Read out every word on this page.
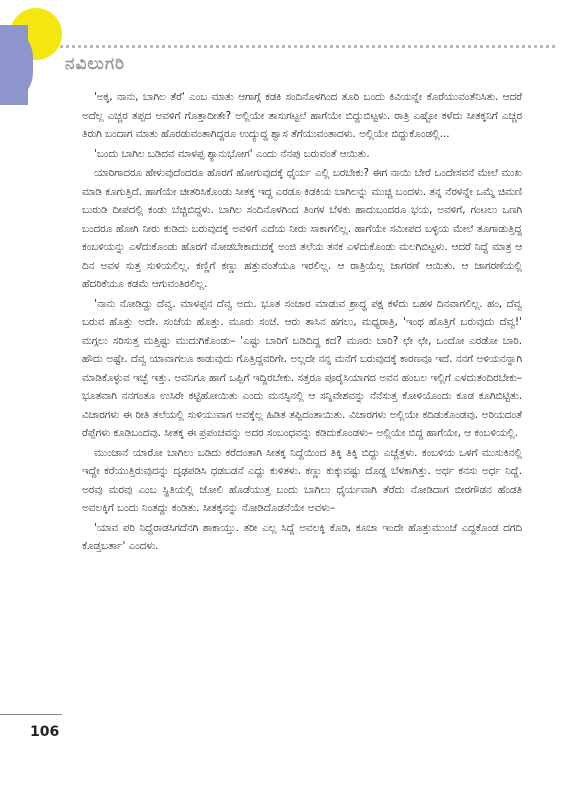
ನವಿಲುಗರಿ

'ಅಕ್ಕ, ನಾನು, ಬಾಗಿಲ ತೆರೆ' ಎಂಬ ಮಾತು ಆಗಾಗ್ಗೆ ಕಡಕಿ ಸಂದಿನೊಳಗಿಂದ ತೂರಿ ಬಂದು ಕಿವಿಯನ್ನೇ ಕೊರೆಯುವಂತೆನಿಸಿತು. ಆದರೆ ಅದೆಲ್ಲ ಎಚ್ಚರ ತಪ್ಪದ ಅವಳಿಗೆ ಗೊತ್ತಾದೀತೇ? ಅಲ್ಲಿಯೇ ತಾಸುಗಟ್ಟಲೆ ಹಾಗೆಯೇ ಬಿದ್ದುಬಿಟ್ಟಳು. ರಾತ್ರಿ ಎಷ್ಟೋ ಕಳೆದು ಸೀತಕ್ಕನಿಗೆ ಎಚ್ಚರ ತಿರುಗಿ ಬಂದಾಗ ಮಾತು ಹೊರಡುವಂತಾಗಿದ್ದರೂ ಉದ್ಯುದ್ದ ಶ್ವಾಸ ತೆಗೆಯುವಂತಾದಳು. ಅಲ್ಲಿಯೇ ಬಿದ್ದುಕೊಂಡಲ್ಲಿ...

'ಬಂದು ಬಾಗಿಲ ಬಡಿದವ ಮಾಳಪ್ಪ ಶ್ಯಾನುಭೋಗ' ಎಂದು ನೆನಪು ಬರುವಂತೆ ಆಯಿತು.

ಯಾರಿಗಾದರೂ ಹೇಳುವುದೆಂದರೂ ಹೊರಗೆ ಹೋಗುವುದಕ್ಕೆ ಧೈರ್ಯ ಎಲ್ಲಿ ಬರಬೇಕು? ಈಗ ನಾಯಿ ಬೇರೆ ಒಂದೇಸವನೆ ಮೇಲೆ ಮುಖ ಮಾಡಿ ಕೂಗುತ್ತಿದೆ. ಹಾಗೆಯೇ ಚೀತರಿಸಿಕೊಂಡು ಸೀತಕ್ಕ ಇದ್ದ ಎರಡೂ ಕಿಡಕಿಯ ಬಾಗಿಲನ್ನು ಮುಚ್ಚಿ ಬಂದಳು. ತನ್ನ ನೆರಳನ್ನೇ ಒಮ್ಮೆ ಚಿಮಣಿ ಬುರುಡಿ ದೀಪದಲ್ಲಿ ಕಂಡು ಬೆಚ್ಚಿಬಿದ್ದಳು. ಬಾಗಿಲ ಸಂದಿನೊಳಗಿಂದ ತಿಂಗಳ ಬೆಳಕು ಹಾದುಬಂದರೂ ಭಯ, ಅವಳಿಗೆ, ಗಂಟಲು ಒಣಗಿ ಬಂದರೂ ಹೋಗಿ ನೀರು ಕುಡಿದು ಬರುವುದಕ್ಕೆ ಅವಳಿಗೆ ಎದೆಯ ನೀರು ಸಾಕಾಗಲಿಲ್ಲ. ಹಾಗೆಯೇ ಸಮೀಪದ ಬಳ್ಳಿಯ ಮೇಲೆ ತೂಗಾಡುತ್ತಿದ್ದ ಕಂಬಳಿಯನ್ನು ಎಳೆದುಕೊಂಡು ಹೊರಗೆ ನೋಡಬೇಕಾದುದಕ್ಕೆ ಅಂಜಿ ತಲೆಯ ತನಕ ಎಳೆದುಕೊಂಡು ಮಲಗಿಬಿಟ್ಟಳು. ಆದರೆ ನಿದ್ದೆ ಮಾತ್ರ ಆ ದಿನ ಅವಳ ಸುತ್ತ ಸುಳಿಯಲಿಲ್ಲ. ಕಣ್ಣಿಗೆ ಕಣ್ಣು ಹತ್ತುವಂತೆಯೂ ಇರಲಿಲ್ಲ. ಆ ರಾತ್ರಿಯೆಲ್ಲ ಜಾಗರಣೆ ಆಯಿತು. ಆ ಜಾಗರಣೆಯಲ್ಲಿ ಹೆದರಿಕೆಯೂ ಕಡಮೆ ಆಗುವಂತಿರಲಿಲ್ಲ.

'ನಾನು ನೋಡಿದ್ದು ದೆವ್ವ. ಮಾಳಪ್ಪನ ದೆವ್ವ ಅದು. ಭೂತ ಸಂಚಾರ ಮಾಡುವ ಶ್ರಾದ್ಧ ಪಕ್ಷ ಕಳೆದು ಬಹಳ ದಿನವಾಗಲಿಲ್ಲ. ಹಂ, ದೆವ್ವ ಬರುವ ಹೊತ್ತು ಅದೇ. ಸಂಜೆಯ ಹೊತ್ತು. ಮೂರು ಸಂಜೆ. ಆರು ತಾಸಿನ ಹಗಲು, ಮಧ್ಯರಾತ್ರಿ, 'ಇಂಥ ಹೊತ್ತಿಗೆ ಬರುವುದು ದೆವ್ವ!' ಮಗ್ಗಲು ಸರಿಸುತ್ತ ಮತ್ತಿಷ್ಟು ಮುದುಗಿಕೊಂಡು– 'ಎಷ್ಟು ಬಾರಿಗೆ ಬಡಿದಿದ್ದ ಕದ? ಮೂರು ಬಾರಿ? ಛೇ ಛೇ, ಒಂದೋ ಎರಡೋ ಬಾರಿ. ಹೌದು ಅಷ್ಟೇ. ದೆವ್ವ ಯಾವಾಗಲೂ ಕಾಡುವುದು ಗೊತ್ತಿದ್ದವರಿಗೇ. ಅಲ್ಲದೇ ನನ್ನ ಮನೆಗೆ ಬರುವುದಕ್ಕೆ ಕಾರಣವೂ ಇದೆ. ನನಗೆ ಅಳಿಯನನ್ನಾಗಿ ಮಾಡಿಕೊಳ್ಳುವ ಇಚ್ಛೆ ಇತ್ತು. ಅವನಿಗೂ ಹಾಗೆ ಒಪ್ಪಿಗೆ ಇದ್ದಿರಬೇಕು. ಸತ್ತರೂ ಪೂರೈಸಿಯಾಗದ ಅವನ ಹಂಬಲ ಇಲ್ಲಿಗೆ ಎಳದುತಂದಿರಬೇಕು– ಭೂತವಾಗಿ ನನಗಂತೂ ಉಸಿರೇ ಕಟ್ಟಿಹೋಯಿತು ಎಂದು ಮನಸ್ಸಿನಲ್ಲಿ ಆ ಸನ್ನಿವೇಶವನ್ನು ನೆನೆಸುತ್ತ ಕೋಳಿಯೊಂದು ಕೂಡ ಕೂಗಿಬಿಟ್ಟಿತು. ವಿಚಾರಗಳು ಈ ರೀತಿ ತಲೆಯಲ್ಲಿ ಸುಳಿಯುವಾಗ ಅವಕ್ಕೆಲ್ಲ ಹಿಡಿತ ತಪ್ಪಿದಂತಾಯಿತು. ವಿಚಾರಗಳು ಅಲ್ಲಿಯೇ ಕದಿಡುಕೊಂಡವು. ಅರಿಯದಂತೆ ರೆಪ್ಪೆಗಳು ಕೂಡಿಬಂದವು. ಸೀತಕ್ಕ ಈ ಪ್ರಪಂಚವನ್ನು ಅದರ ಸಂಬಂಧವನ್ನು ಕಡಿದುಕೊಂಡಳು– ಅಲ್ಲಿಯೇ ಬಿದ್ದ ಹಾಗೆಯೇ, ಆ ಕಂಬಳಿಯಲ್ಲಿ.

ಮುಂಜಾನೆ ಯಾರೋ ಬಾಗಿಲು ಬಡಿದು ಕರೆದಂತಾಗಿ ಸೀತಕ್ಕ ನಿದ್ದೆಯಿಂದ ತಿಕ್ಕಿ ತಿಕ್ಕಿ ಬಿದ್ದು ಎಚ್ಚೆತ್ತಳು. ಕಂಬಳಿಯ ಒಳಗೆ ಮುಸುಕಿನಲ್ಲಿ ಇದ್ದೇ ಕರೆಯುತ್ತಿರುವುದನ್ನು ದೃಢಪಡಿಸಿ ಧಡಬಡನೆ ಎದ್ದು ಕುಳಿತಳು. ಕಣ್ಣು ಕುಕ್ಕುವಷ್ಟು ದೊಡ್ಡ ಬೆಳಕಾಗಿತ್ತು. ಅರ್ಧ ಕನಸು ಅರ್ಧ ನಿದ್ದೆ. ಅರವು ಮರವು ಎಂಬ ಸ್ಥಿತಿಯಲ್ಲಿ ಜೋಲಿ ಹೊಡೆಯುತ್ತ ಬಂದು ಬಾಗಿಲು ಧೈರ್ಯವಾಗಿ ತೆರೆದು ನೋಡಿದಾಗ ಬೀರಗೌಡನ ಹೆಂಡತಿ ಅವಲಕ್ಕಿಗೆ ಬಂದು ನಿಂತದ್ದು ಕಂಡಿತು. ಸೀತಕ್ಕನನ್ನು ನೋಡಿದೊಡನೆಯೇ ಅವಳು–

'ಯಾವ ಪರಿ ನಿದ್ದೆರಾಡಸಿಗದೆನಗಿ ಶಾಕಾಯ್ತು. ತರೀ ಎಲ್ಲ ಸಿದ್ದೆ ಅವಲಕ್ಕಿ ಕೊಡಿ, ಕೂಚಾ ಇಂದೇ ಹೊತ್ತುಮುಂಚೆ ಎದ್ದಕೊಂಡ ದಗದಿ ಕೊಡ್ತಬರ್ತಾ' ಎಂದಳು.

106
